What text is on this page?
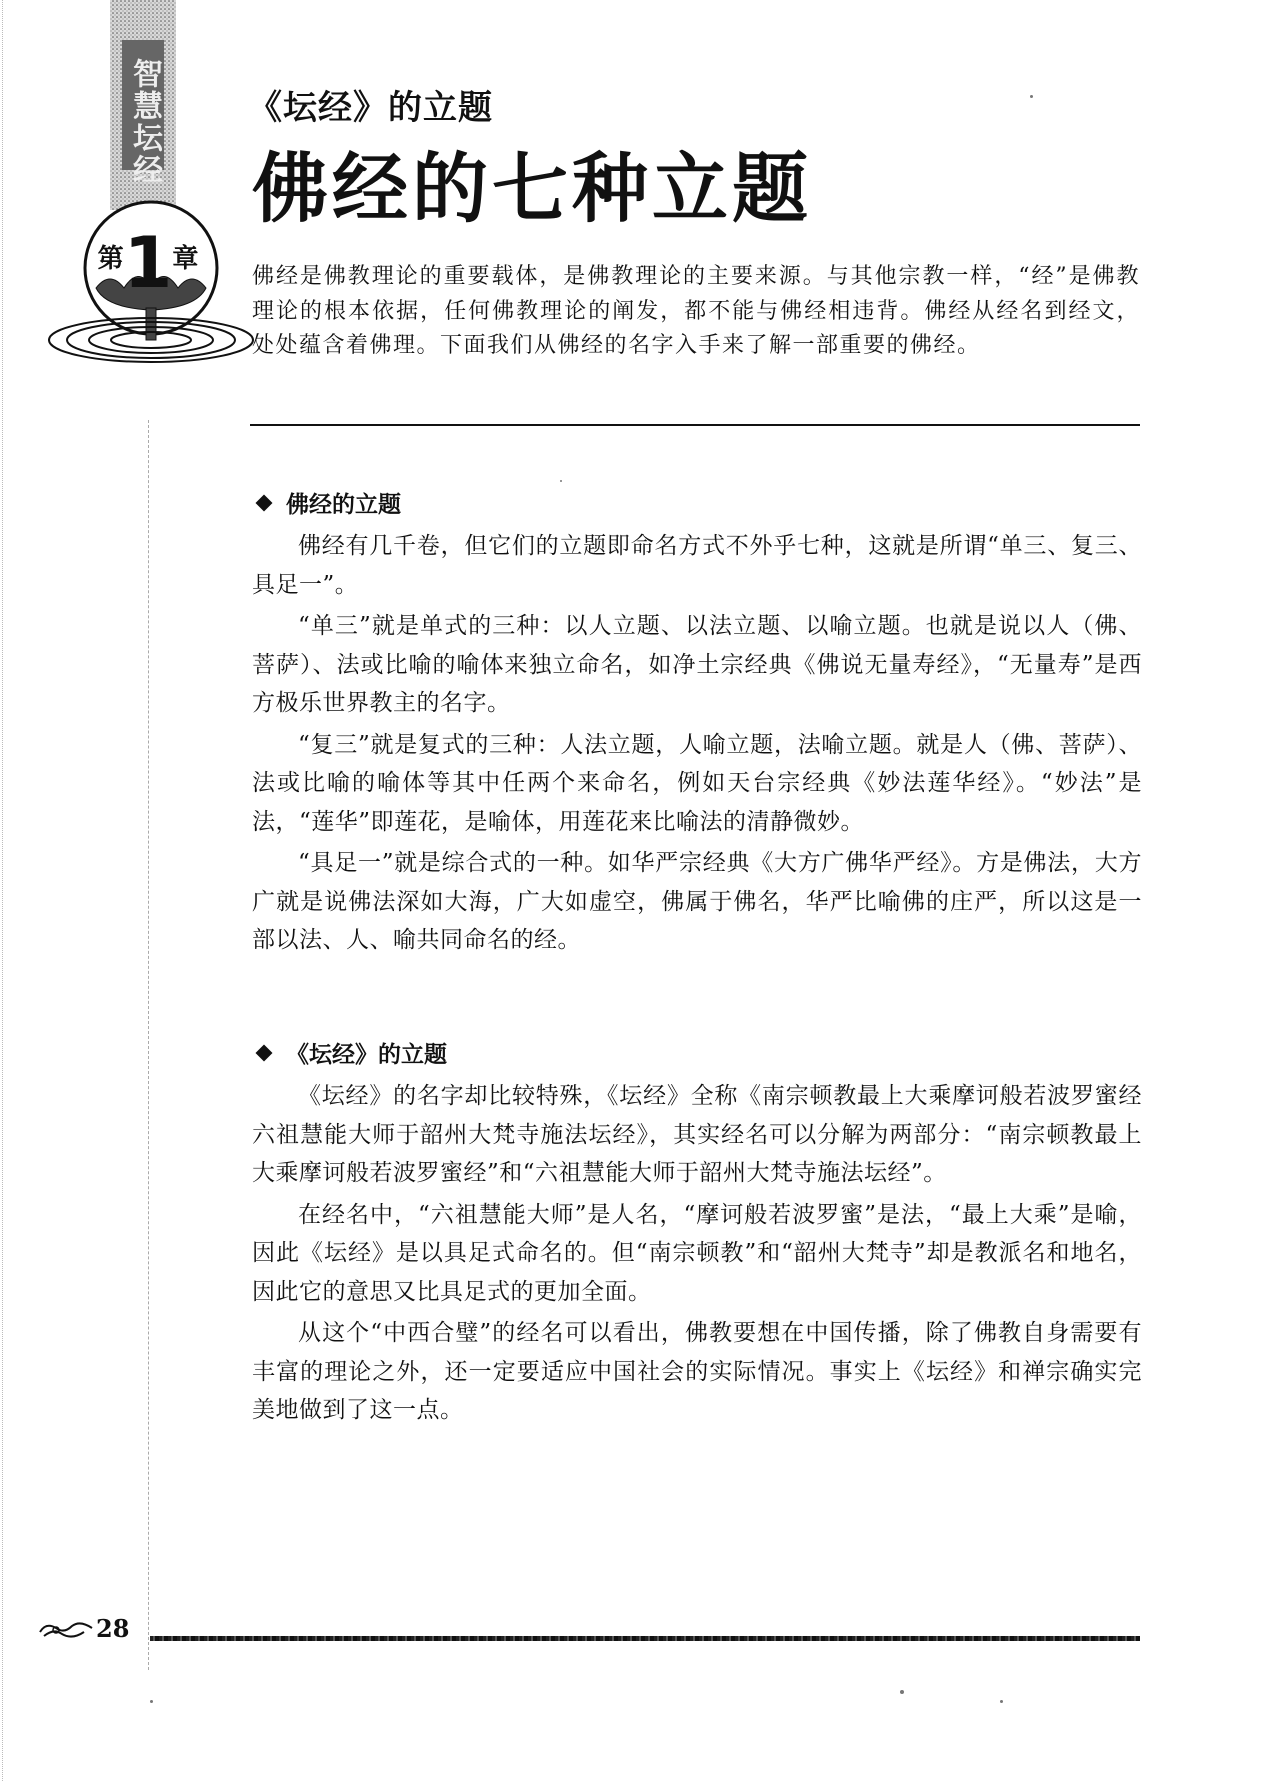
智慧坛经
第1章
《坛经》的立题
佛经的七种立题
佛经是佛教理论的重要载体，是佛教理论的主要来源。与其他宗教一样，“经”是佛教理论的根本依据，任何佛教理论的阐发，都不能与佛经相违背。佛经从经名到经文，处处蕴含着佛理。下面我们从佛经的名字入手来了解一部重要的佛经。
佛经的立题

佛经有几千卷，但它们的立题即命名方式不外乎七种，这就是所谓“单三、复三、具足一”。

“单三”就是单式的三种：以人立题、以法立题、以喻立题。也就是说以人（佛、菩萨）、法或比喻的喻体来独立命名，如净土宗经典《佛说无量寿经》，“无量寿”是西方极乐世界教主的名字。

“复三”就是复式的三种：人法立题，人喻立题，法喻立题。就是人（佛、菩萨）、法或比喻的喻体等其中任两个来命名，例如天台宗经典《妙法莲华经》。“妙法”是法，“莲华”即莲花，是喻体，用莲花来比喻法的清静微妙。

“具足一”就是综合式的一种。如华严宗经典《大方广佛华严经》。方是佛法，大方广就是说佛法深如大海，广大如虚空，佛属于佛名，华严比喻佛的庄严，所以这是一部以法、人、喻共同命名的经。

《坛经》的立题

《坛经》的名字却比较特殊，《坛经》全称《南宗顿教最上大乘摩诃般若波罗蜜经六祖慧能大师于韶州大梵寺施法坛经》，其实经名可以分解为两部分：“南宗顿教最上大乘摩诃般若波罗蜜经”和“六祖慧能大师于韶州大梵寺施法坛经”。

在经名中，“六祖慧能大师”是人名，“摩诃般若波罗蜜”是法，“最上大乘”是喻，因此《坛经》是以具足式命名的。但“南宗顿教”和“韶州大梵寺”却是教派名和地名，因此它的意思又比具足式的更加全面。

从这个“中西合璧”的经名可以看出，佛教要想在中国传播，除了佛教自身需要有丰富的理论之外，还一定要适应中国社会的实际情况。事实上《坛经》和禅宗确实完美地做到了这一点。

28
